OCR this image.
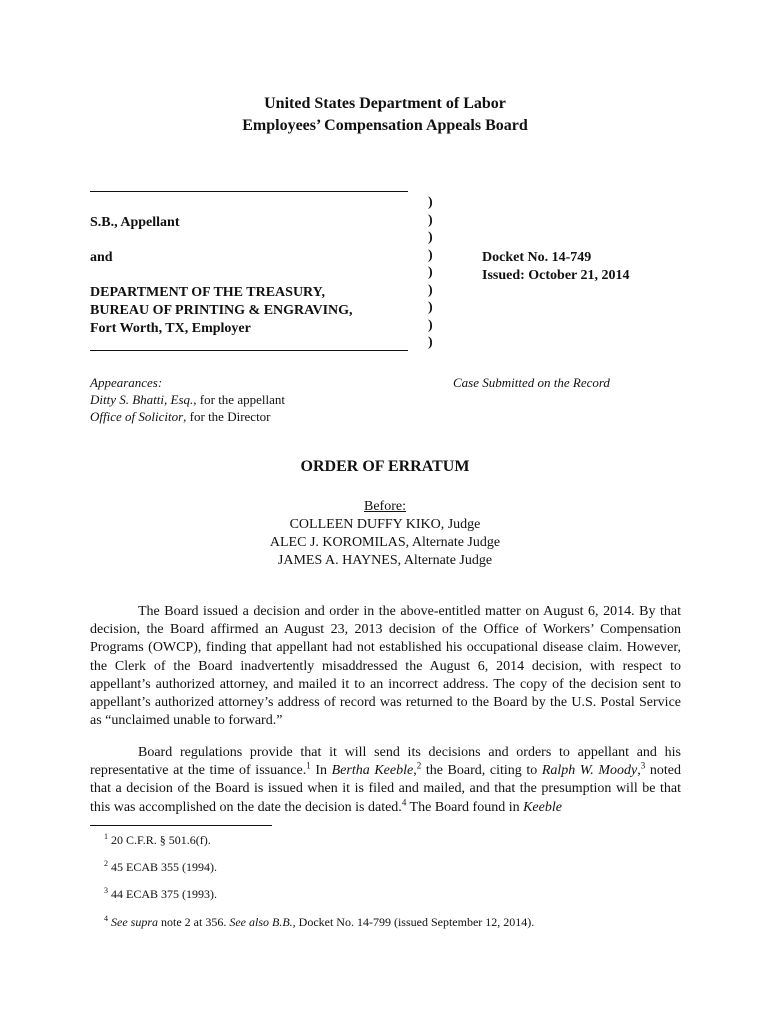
United States Department of Labor
Employees’ Compensation Appeals Board
S.B., Appellant
and
DEPARTMENT OF THE TREASURY,
BUREAU OF PRINTING & ENGRAVING,
Fort Worth, TX, Employer
)
)
)
)
)
)
)
)
)
Docket No. 14-749
Issued: October 21, 2014
Appearances:
Ditty S. Bhatti, Esq., for the appellant
Office of Solicitor, for the Director
Case Submitted on the Record
ORDER OF ERRATUM
Before:
COLLEEN DUFFY KIKO, Judge
ALEC J. KOROMILAS, Alternate Judge
JAMES A. HAYNES, Alternate Judge

The Board issued a decision and order in the above-entitled matter on August 6, 2014. By that decision, the Board affirmed an August 23, 2013 decision of the Office of Workers’ Compensation Programs (OWCP), finding that appellant had not established his occupational disease claim. However, the Clerk of the Board inadvertently misaddressed the August 6, 2014 decision, with respect to appellant’s authorized attorney, and mailed it to an incorrect address. The copy of the decision sent to appellant’s authorized attorney’s address of record was returned to the Board by the U.S. Postal Service as “unclaimed unable to forward.”

Board regulations provide that it will send its decisions and orders to appellant and his representative at the time of issuance.$^1$ In Bertha Keeble,$^2$ the Board, citing to Ralph W. Moody,$^3$ noted that a decision of the Board is issued when it is filed and mailed, and that the presumption will be that this was accomplished on the date the decision is dated.$^4$ The Board found in Keeble

$^1$ 20 C.F.R. § 501.6(f).
$^2$ 45 ECAB 355 (1994).
$^3$ 44 ECAB 375 (1993).
$^4$ See supra note 2 at 356. See also B.B., Docket No. 14-799 (issued September 12, 2014).
